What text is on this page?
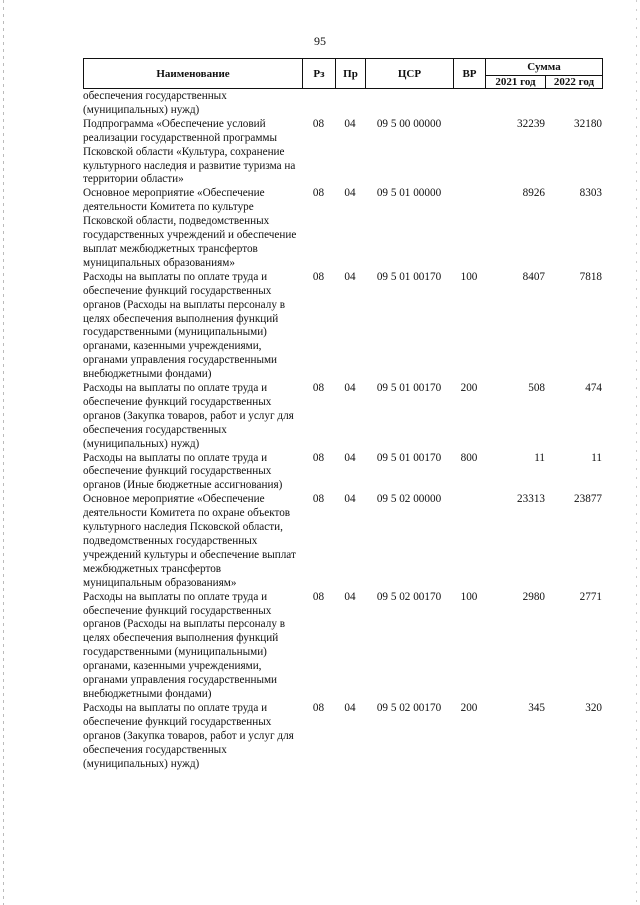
95
Наименование	Рз	Пр	ЦСР	ВР	Сумма	
					2021 год	2022 год
обеспечения государственных (муниципальных) нужд)						
Подпрограмма «Обеспечение условий реализации государственной программы Псковской области «Культура, сохранение культурного наследия и развитие туризма на территории области»	08	04	09 5 00 00000		32239	32180
Основное мероприятие «Обеспечение деятельности Комитета по культуре Псковской области, подведомственных государственных учреждений и обеспечение выплат межбюджетных трансфертов муниципальных образованиям»	08	04	09 5 01 00000		8926	8303
Расходы на выплаты по оплате труда и обеспечение функций государственных органов (Расходы на выплаты персоналу в целях обеспечения выполнения функций государственными (муниципальными) органами, казенными учреждениями, органами управления государственными внебюджетными фондами)	08	04	09 5 01 00170	100	8407	7818
Расходы на выплаты по оплате труда и обеспечение функций государственных органов (Закупка товаров, работ и услуг для обеспечения государственных (муниципальных) нужд)	08	04	09 5 01 00170	200	508	474
Расходы на выплаты по оплате труда и обеспечение функций государственных органов (Иные бюджетные ассигнования)	08	04	09 5 01 00170	800	11	11
Основное мероприятие «Обеспечение деятельности Комитета по охране объектов культурного наследия Псковской области, подведомственных государственных учреждений культуры и обеспечение выплат межбюджетных трансфертов муниципальным образованиям»	08	04	09 5 02 00000		23313	23877
Расходы на выплаты по оплате труда и обеспечение функций государственных органов (Расходы на выплаты персоналу в целях обеспечения выполнения функций государственными (муниципальными) органами, казенными учреждениями, органами управления государственными внебюджетными фондами)	08	04	09 5 02 00170	100	2980	2771
Расходы на выплаты по оплате труда и обеспечение функций государственных органов (Закупка товаров, работ и услуг для обеспечения государственных (муниципальных) нужд)	08	04	09 5 02 00170	200	345	320
